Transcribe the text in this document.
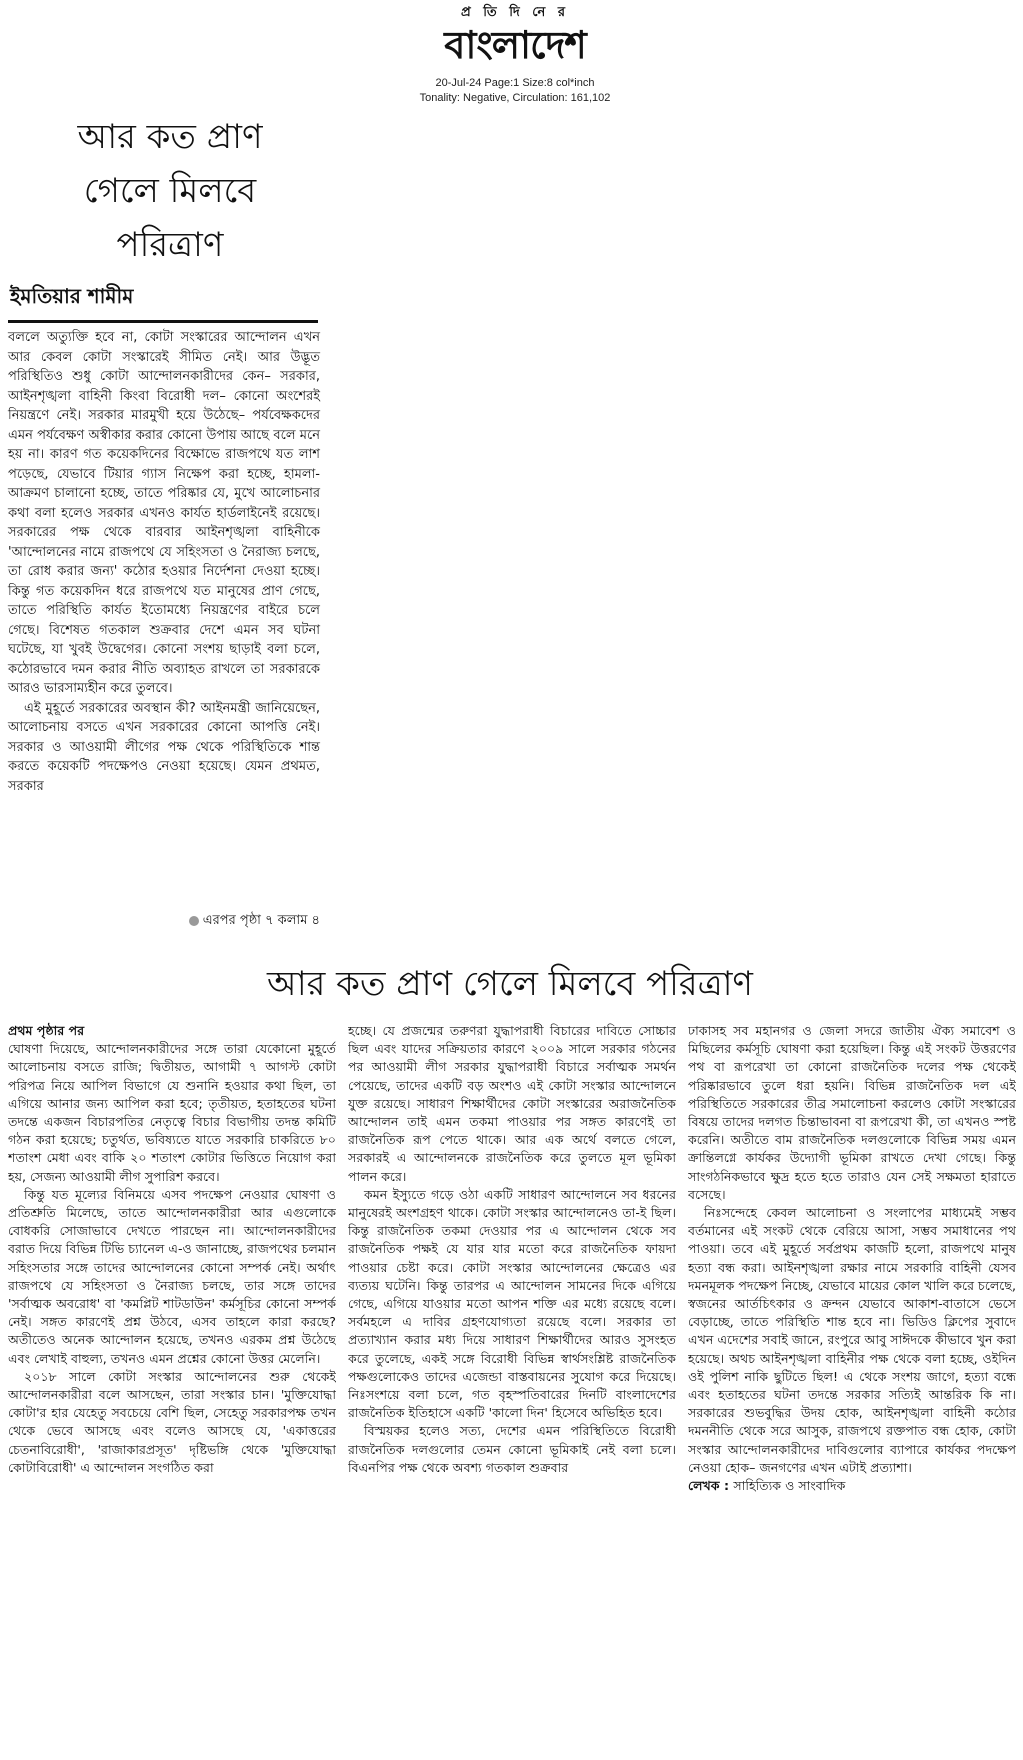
প্র তি দি নে র
বাংলাদেশ
20-Jul-24 Page:1 Size:8 col*inch
Tonality: Negative, Circulation: 161,102
আর কত প্রাণ
গেলে মিলবে
পরিত্রাণ
ইমতিয়ার শামীম

বললে অত্যুক্তি হবে না, কোটা সংস্কারের আন্দোলন এখন আর কেবল কোটা সংস্কারেই সীমিত নেই। আর উদ্ভূত পরিস্থিতিও শুধু কোটা আন্দোলনকারীদের কেন– সরকার, আইনশৃঙ্খলা বাহিনী কিংবা বিরোধী দল– কোনো অংশেরই নিয়ন্ত্রণে নেই। সরকার মারমুখী হয়ে উঠেছে– পর্যবেক্ষকদের এমন পর্যবেক্ষণ অস্বীকার করার কোনো উপায় আছে বলে মনে হয় না। কারণ গত কয়েকদিনের বিক্ষোভে রাজপথে যত লাশ পড়েছে, যেভাবে টিয়ার গ্যাস নিক্ষেপ করা হচ্ছে, হামলা-আক্রমণ চালানো হচ্ছে, তাতে পরিষ্কার যে, মুখে আলোচনার কথা বলা হলেও সরকার এখনও কার্যত হার্ডলাইনেই রয়েছে। সরকারের পক্ষ থেকে বারবার আইনশৃঙ্খলা বাহিনীকে 'আন্দোলনের নামে রাজপথে যে সহিংসতা ও নৈরাজ্য চলছে, তা রোধ করার জন্য' কঠোর হওয়ার নির্দেশনা দেওয়া হচ্ছে। কিন্তু গত কয়েকদিন ধরে রাজপথে যত মানুষের প্রাণ গেছে, তাতে পরিস্থিতি কার্যত ইতোমধ্যে নিয়ন্ত্রণের বাইরে চলে গেছে। বিশেষত গতকাল শুক্রবার দেশে এমন সব ঘটনা ঘটেছে, যা খুবই উদ্বেগের। কোনো সংশয় ছাড়াই বলা চলে, কঠোরভাবে দমন করার নীতি অব্যাহত রাখলে তা সরকারকে আরও ভারসাম্যহীন করে তুলবে।

এই মুহূর্তে সরকারের অবস্থান কী? আইনমন্ত্রী জানিয়েছেন, আলোচনায় বসতে এখন সরকারের কোনো আপত্তি নেই। সরকার ও আওয়ামী লীগের পক্ষ থেকে পরিস্থিতিকে শান্ত করতে কয়েকটি পদক্ষেপও নেওয়া হয়েছে। যেমন প্রথমত, সরকার

এরপর পৃষ্ঠা ৭ কলাম ৪
আর কত প্রাণ গেলে মিলবে পরিত্রাণ

প্রথম পৃষ্ঠার পর

ঘোষণা দিয়েছে, আন্দোলনকারীদের সঙ্গে তারা যেকোনো মুহূর্তে আলোচনায় বসতে রাজি; দ্বিতীয়ত, আগামী ৭ আগস্ট কোটা পরিপত্র নিয়ে আপিল বিভাগে যে শুনানি হওয়ার কথা ছিল, তা এগিয়ে আনার জন্য আপিল করা হবে; তৃতীয়ত, হতাহতের ঘটনা তদন্তে একজন বিচারপতির নেতৃত্বে বিচার বিভাগীয় তদন্ত কমিটি গঠন করা হয়েছে; চতুর্থত, ভবিষ্যতে যাতে সরকারি চাকরিতে ৮০ শতাংশ মেধা এবং বাকি ২০ শতাংশ কোটার ভিত্তিতে নিয়োগ করা হয়, সেজন্য আওয়ামী লীগ সুপারিশ করবে।

কিন্তু যত মূল্যের বিনিময়ে এসব পদক্ষেপ নেওয়ার ঘোষণা ও প্রতিশ্রুতি মিলেছে, তাতে আন্দোলনকারীরা আর এগুলোকে বোধকরি সোজাভাবে দেখতে পারছেন না। আন্দোলনকারীদের বরাত দিয়ে বিভিন্ন টিভি চ্যানেল এ-ও জানাচ্ছে, রাজপথের চলমান সহিংসতার সঙ্গে তাদের আন্দোলনের কোনো সম্পর্ক নেই। অর্থাৎ রাজপথে যে সহিংসতা ও নৈরাজ্য চলছে, তার সঙ্গে তাদের 'সর্বাত্মক অবরোধ' বা 'কমপ্লিট শাটডাউন' কর্মসূচির কোনো সম্পর্ক নেই। সঙ্গত কারণেই প্রশ্ন উঠবে, এসব তাহলে কারা করছে? অতীতেও অনেক আন্দোলন হয়েছে, তখনও এরকম প্রশ্ন উঠেছে এবং লেখাই বাহুল্য, তখনও এমন প্রশ্নের কোনো উত্তর মেলেনি।

২০১৮ সালে কোটা সংস্কার আন্দোলনের শুরু থেকেই আন্দোলনকারীরা বলে আসছেন, তারা সংস্কার চান। 'মুক্তিযোদ্ধা কোটা'র হার যেহেতু সবচেয়ে বেশি ছিল, সেহেতু সরকারপক্ষ তখন থেকে ভেবে আসছে এবং বলেও আসছে যে, 'একাত্তরের চেতনাবিরোধী', 'রাজাকারপ্রসূত' দৃষ্টিভঙ্গি থেকে 'মুক্তিযোদ্ধা কোটাবিরোধী' এ আন্দোলন সংগঠিত করা

হচ্ছে। যে প্রজন্মের তরুণরা যুদ্ধাপরাধী বিচারের দাবিতে সোচ্চার ছিল এবং যাদের সক্রিয়তার কারণে ২০০৯ সালে সরকার গঠনের পর আওয়ামী লীগ সরকার যুদ্ধাপরাধী বিচারে সর্বাত্মক সমর্থন পেয়েছে, তাদের একটি বড় অংশও এই কোটা সংস্কার আন্দোলনে যুক্ত রয়েছে। সাধারণ শিক্ষার্থীদের কোটা সংস্কারের অরাজনৈতিক আন্দোলন তাই এমন তকমা পাওয়ার পর সঙ্গত কারণেই তা রাজনৈতিক রূপ পেতে থাকে। আর এক অর্থে বলতে গেলে, সরকারই এ আন্দোলনকে রাজনৈতিক করে তুলতে মূল ভূমিকা পালন করে।

কমন ইস্যুতে গড়ে ওঠা একটি সাধারণ আন্দোলনে সব ধরনের মানুষেরই অংশগ্রহণ থাকে। কোটা সংস্কার আন্দোলনেও তা-ই ছিল। কিন্তু রাজনৈতিক তকমা দেওয়ার পর এ আন্দোলন থেকে সব রাজনৈতিক পক্ষই যে যার যার মতো করে রাজনৈতিক ফায়দা পাওয়ার চেষ্টা করে। কোটা সংস্কার আন্দোলনের ক্ষেত্রেও এর ব্যত্যয় ঘটেনি। কিন্তু তারপর এ আন্দোলন সামনের দিকে এগিয়ে গেছে, এগিয়ে যাওয়ার মতো আপন শক্তি এর মধ্যে রয়েছে বলে। সর্বমহলে এ দাবির গ্রহণযোগ্যতা রয়েছে বলে। সরকার তা প্রত্যাখ্যান করার মধ্য দিয়ে সাধারণ শিক্ষার্থীদের আরও সুসংহত করে তুলেছে, একই সঙ্গে বিরোধী বিভিন্ন স্বার্থসংশ্লিষ্ট রাজনৈতিক পক্ষগুলোকেও তাদের এজেন্ডা বাস্তবায়নের সুযোগ করে দিয়েছে। নিঃসংশয়ে বলা চলে, গত বৃহস্পতিবারের দিনটি বাংলাদেশের রাজনৈতিক ইতিহাসে একটি 'কালো দিন' হিসেবে অভিহিত হবে।

বিস্ময়কর হলেও সত্য, দেশের এমন পরিস্থিতিতে বিরোধী রাজনৈতিক দলগুলোর তেমন কোনো ভূমিকাই নেই বলা চলে। বিএনপির পক্ষ থেকে অবশ্য গতকাল শুক্রবার

ঢাকাসহ সব মহানগর ও জেলা সদরে জাতীয় ঐক্য সমাবেশ ও মিছিলের কর্মসূচি ঘোষণা করা হয়েছিল। কিন্তু এই সংকট উত্তরণের পথ বা রূপরেখা তা কোনো রাজনৈতিক দলের পক্ষ থেকেই পরিষ্কারভাবে তুলে ধরা হয়নি। বিভিন্ন রাজনৈতিক দল এই পরিস্থিতিতে সরকারের তীব্র সমালোচনা করলেও কোটা সংস্কারের বিষয়ে তাদের দলগত চিন্তাভাবনা বা রূপরেখা কী, তা এখনও স্পষ্ট করেনি। অতীতে বাম রাজনৈতিক দলগুলোকে বিভিন্ন সময় এমন ক্রান্তিলগ্নে কার্যকর উদ্যোগী ভূমিকা রাখতে দেখা গেছে। কিন্তু সাংগঠনিকভাবে ক্ষুদ্র হতে হতে তারাও যেন সেই সক্ষমতা হারাতে বসেছে।

নিঃসন্দেহে কেবল আলোচনা ও সংলাপের মাধ্যমেই সম্ভব বর্তমানের এই সংকট থেকে বেরিয়ে আসা, সম্ভব সমাধানের পথ পাওয়া। তবে এই মুহূর্তে সর্বপ্রথম কাজটি হলো, রাজপথে মানুষ হত্যা বন্ধ করা। আইনশৃঙ্খলা রক্ষার নামে সরকারি বাহিনী যেসব দমনমূলক পদক্ষেপ নিচ্ছে, যেভাবে মায়ের কোল খালি করে চলেছে, স্বজনের আর্তচিৎকার ও ক্রন্দন যেভাবে আকাশ-বাতাসে ভেসে বেড়াচ্ছে, তাতে পরিস্থিতি শান্ত হবে না। ভিডিও ক্লিপের সুবাদে এখন এদেশের সবাই জানে, রংপুরে আবু সাঈদকে কীভাবে খুন করা হয়েছে। অথচ আইনশৃঙ্খলা বাহিনীর পক্ষ থেকে বলা হচ্ছে, ওইদিন ওই পুলিশ নাকি ছুটিতে ছিল! এ থেকে সংশয় জাগে, হত্যা বন্ধে এবং হতাহতের ঘটনা তদন্তে সরকার সত্যিই আন্তরিক কি না। সরকারের শুভবুদ্ধির উদয় হোক, আইনশৃঙ্খলা বাহিনী কঠোর দমননীতি থেকে সরে আসুক, রাজপথে রক্তপাত বন্ধ হোক, কোটা সংস্কার আন্দোলনকারীদের দাবিগুলোর ব্যাপারে কার্যকর পদক্ষেপ নেওয়া হোক– জনগণের এখন এটাই প্রত্যাশা।

লেখক : সাহিত্যিক ও সাংবাদিক
